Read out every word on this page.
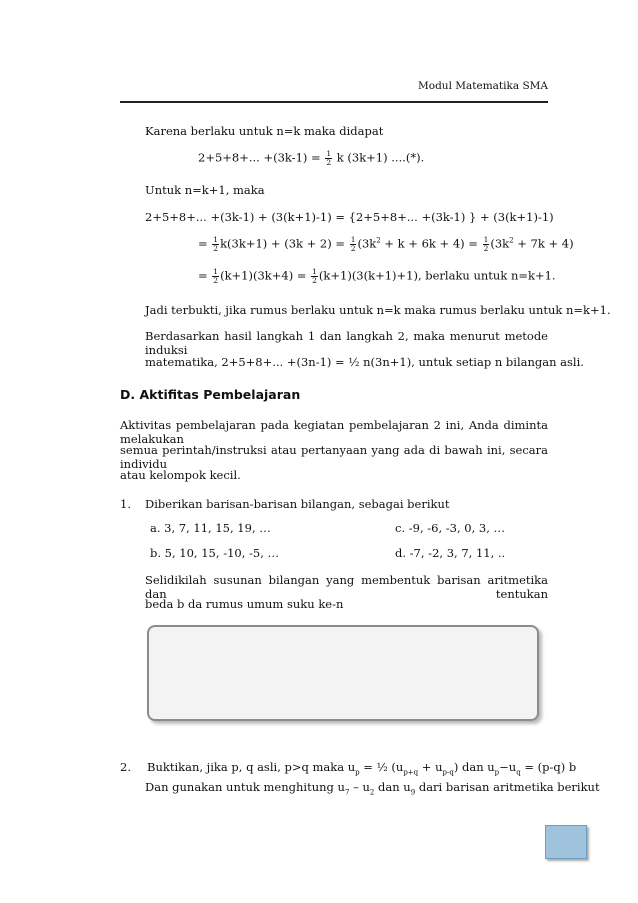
Modul Matematika SMA
Karena berlaku untuk n=k maka didapat
2+5+8+... $+(3k-1) = \frac{1}{2}$ k (3k+1) ....(*).
Untuk n=k+1, maka
2+5+8+... +(3k-1) + (3(k+1)-1) = {2+5+8+... +(3k-1) } + (3(k+1)-1)
= $\frac{1}{2} k(3k+1) + (3k + 2) = \frac{1}{2} (3k^2 + k + 6k + 4) = \frac{1}{2} (3k^2 + 7k + 4)$
= $\frac{1}{2} (k+1)(3k+4) = \frac{1}{2} (k+1)(3(k+1)+1)$, berlaku untuk n=k+1.
Jadi terbukti, jika rumus berlaku untuk n=k maka rumus berlaku untuk n=k+1.
Berdasarkan hasil langkah 1 dan langkah 2, maka menurut metode induksi
matematika, 2+5+8+... +(3n-1) = ½ n(3n+1), untuk setiap n bilangan asli.
D. Aktifitas Pembelajaran
Aktivitas pembelajaran pada kegiatan pembelajaran 2 ini, Anda diminta melakukan
semua perintah/instruksi atau pertanyaan yang ada di bawah ini, secara individu
atau kelompok kecil.
1. Diberikan barisan-barisan bilangan, sebagai berikut
a. 3, 7, 11, 15, 19, …	c. -9, -6, -3, 0, 3, …
b. 5, 10, 15, -10, -5, …	d. -7, -2, 3, 7, 11, ..
Selidikilah susunan bilangan yang membentuk barisan aritmetika dan tentukan
beda b da rumus umum suku ke-n
2. Buktikan, jika p, q asli, p>q maka $u_p$ = ½ $(u_{p+q} + u_{p-q})$ dan $u_p-u_q = (p-q)$ b
Dan gunakan untuk menghitung $u_7 - u_2$ dan $u_9$ dari barisan aritmetika berikut
